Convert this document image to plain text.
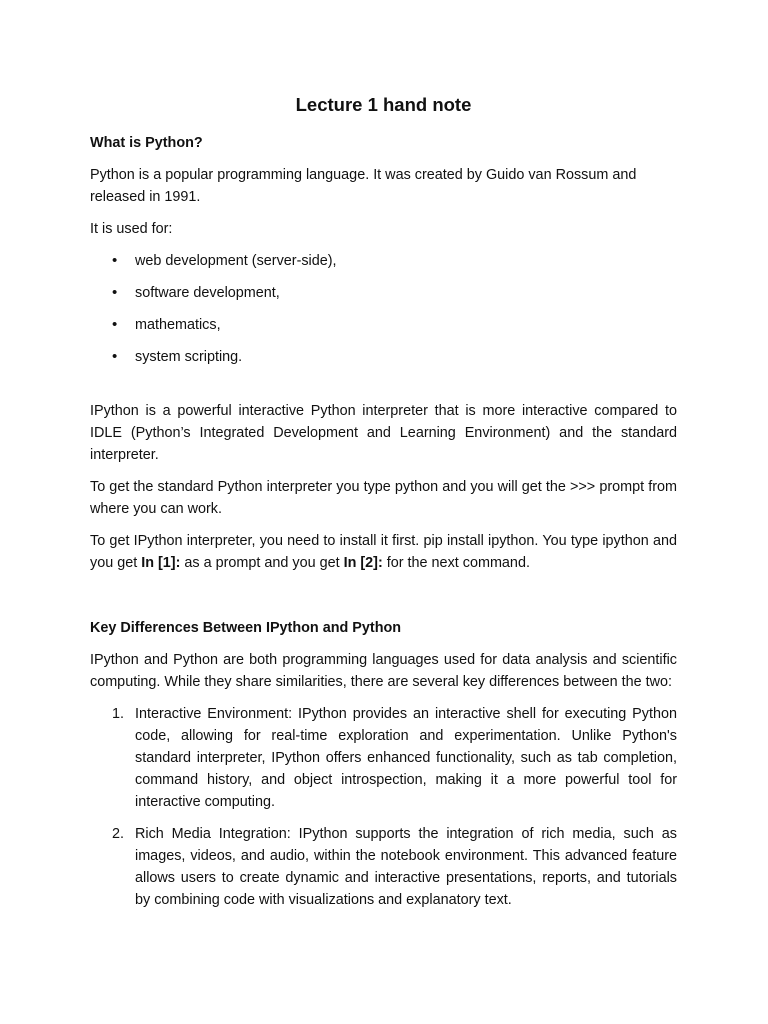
Lecture 1 hand note
What is Python?

Python is a popular programming language. It was created by Guido van Rossum and released in 1991.

It is used for:

• web development (server-side),
• software development,
• mathematics,
• system scripting.

IPython is a powerful interactive Python interpreter that is more interactive compared to IDLE (Python’s Integrated Development and Learning Environment) and the standard interpreter.

To get the standard Python interpreter you type python and you will get the >>> prompt from where you can work.

To get IPython interpreter, you need to install it first. pip install ipython. You type ipython and you get In [1]: as a prompt and you get In [2]: for the next command.

Key Differences Between IPython and Python

IPython and Python are both programming languages used for data analysis and scientific computing. While they share similarities, there are several key differences between the two:

1. Interactive Environment: IPython provides an interactive shell for executing Python code, allowing for real-time exploration and experimentation. Unlike Python's standard interpreter, IPython offers enhanced functionality, such as tab completion, command history, and object introspection, making it a more powerful tool for interactive computing.
2. Rich Media Integration: IPython supports the integration of rich media, such as images, videos, and audio, within the notebook environment. This advanced feature allows users to create dynamic and interactive presentations, reports, and tutorials by combining code with visualizations and explanatory text.
